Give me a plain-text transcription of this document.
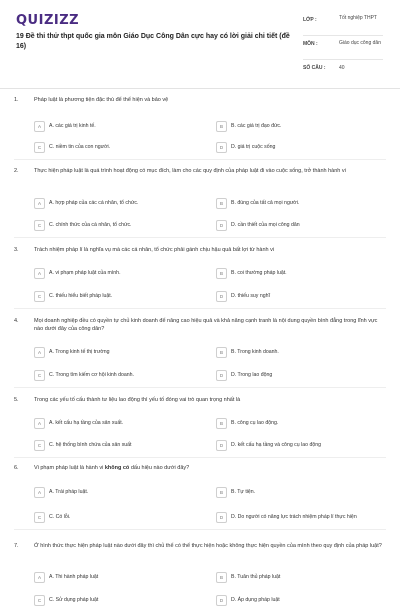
QUIZIZZ
19 Đề thi thử thpt quốc gia môn Giáo Dục Công Dân cực hay có lời giải chi tiết (đề 16)
LỚP :	Tốt nghiệp THPT
MÔN :	Giáo dục công dân
SỐ CÂU :	40
1.	Pháp luật là phương tiện đặc thù để thể hiện và bảo vệ
A	A. các giá trị kinh tế.	B	B. các giá trị đạo đức.
C	C. niềm tin của con người.	D	D. giá trị cuộc sống
2.	Thực hiện pháp luật là quá trình hoạt động có mục đích, làm cho các quy định của pháp luật đi vào cuộc sống, trở thành hành vi
A	A. hợp pháp của các cá nhân, tổ chức.	B	B. đúng của tất cả mọi người.
C	C. chính thức của cá nhân, tổ chức.	D	D. cần thiết của mọi công dân
3.	Trách nhiệm pháp lí là nghĩa vụ mà các cá nhân, tổ chức phải gánh chịu hậu quả bất lợi từ hành vi
A	A. vi phạm pháp luật của mình.	B	B. coi thường pháp luật.
C	C. thiếu hiểu biết pháp luật.	D	D. thiếu suy nghĩ
4.	Mọi doanh nghiệp đều có quyền tự chủ kinh doanh để nâng cao hiệu quả và khả năng cạnh tranh là nội dung quyền bình đẳng trong lĩnh vực nào dưới đây của công dân?
A	A. Trong kinh tế thị trường	B	B. Trong kinh doanh.
C	C. Trong tìm kiếm cơ hội kinh doanh.	D	D. Trong lao động
5.	Trong các yếu tố cấu thành tư liệu lao động thì yếu tố đóng vai trò quan trọng nhất là
A	A. kết cấu hạ tầng của sản xuất.	B	B. công cụ lao động.
C	C. hệ thống bình chứa của sản xuất	D	D. kết cấu hạ tầng và công cụ lao động
6.	Vi phạm pháp luật là hành vi không có dấu hiệu nào dưới đây?
A	A. Trái pháp luật.	B	B. Tự tiện.
C	C. Có lỗi.	D	D. Do người có năng lực trách nhiệm pháp lí thực hiện
7.	Ở hình thức thực hiện pháp luật nào dưới đây thì chủ thể có thể thực hiện hoặc không thực hiện quyền của mình theo quy định của pháp luật?
A	A. Thi hành pháp luật	B	B. Tuân thủ pháp luật
C	C. Sử dụng pháp luật	D	D. Áp dụng pháp luật
